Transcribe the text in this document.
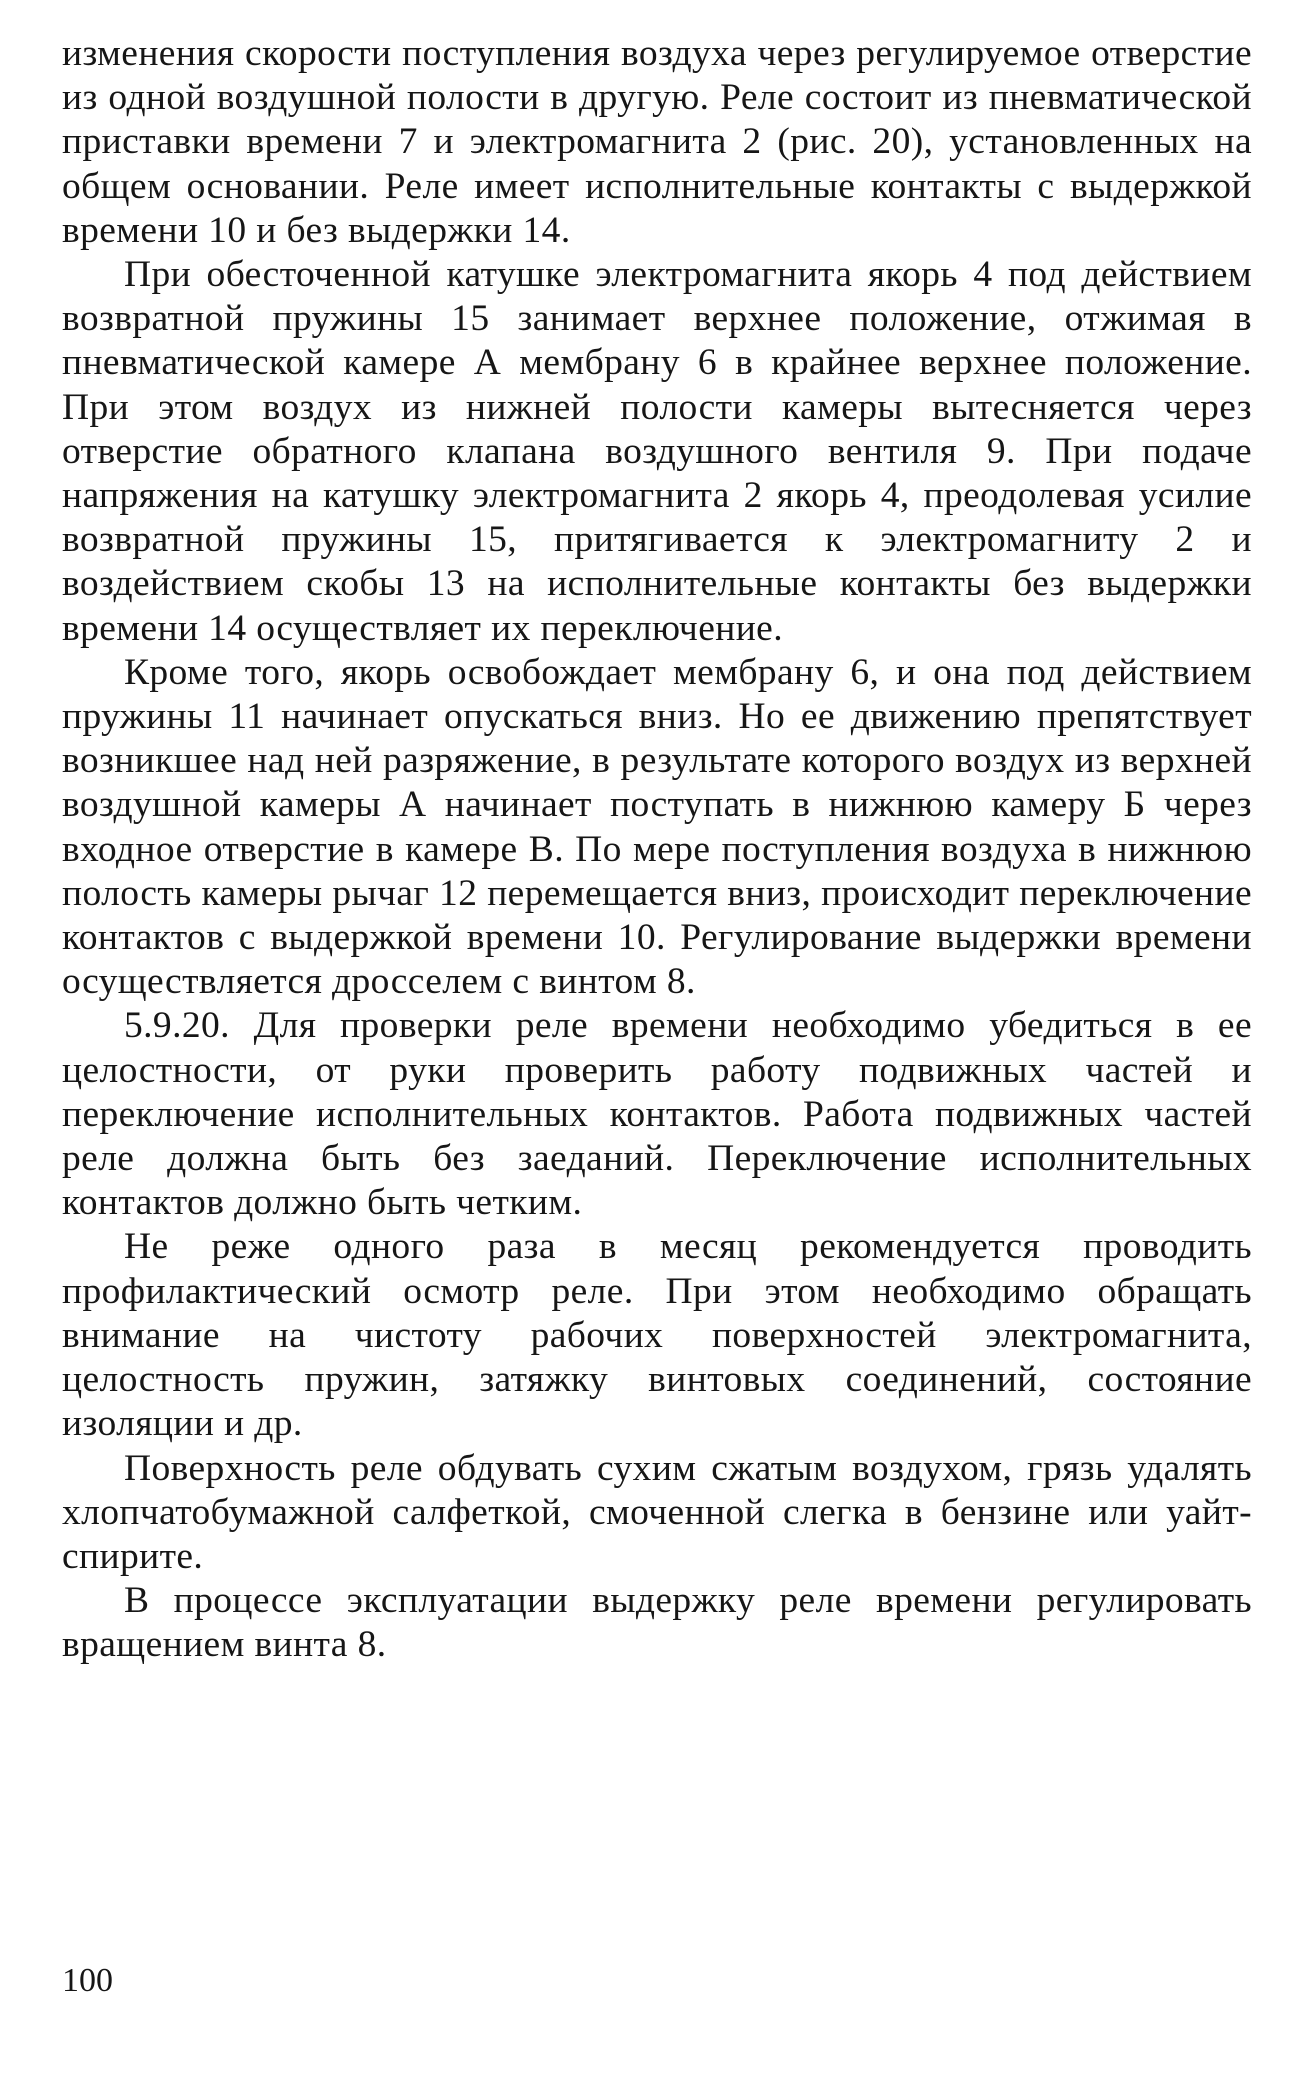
изменения скорости поступления воздуха через регулируемое отверстие из одной воздушной полости в другую. Реле состоит из пневматической приставки времени 7 и электромагнита 2 (рис. 20), установленных на общем основании. Реле имеет исполнительные контакты с выдержкой времени 10 и без выдержки 14.

При обесточенной катушке электромагнита якорь 4 под действием возвратной пружины 15 занимает верхнее положение, отжимая в пневматической камере А мембрану 6 в крайнее верхнее положение. При этом воздух из нижней полости камеры вытесняется через отверстие обратного клапана воздушного вентиля 9. При подаче напряжения на катушку электромагнита 2 якорь 4, преодолевая усилие возвратной пружины 15, притягивается к электромагниту 2 и воздействием скобы 13 на исполнительные контакты без выдержки времени 14 осуществляет их переключение.

Кроме того, якорь освобождает мембрану 6, и она под действием пружины 11 начинает опускаться вниз. Но ее движению препятствует возникшее над ней разряжение, в результате которого воздух из верхней воздушной камеры А начинает поступать в нижнюю камеру Б через входное отверстие в камере В. По мере поступления воздуха в нижнюю полость камеры рычаг 12 перемещается вниз, происходит переключение контактов с выдержкой времени 10. Регулирование выдержки времени осуществляется дросселем с винтом 8.

5.9.20. Для проверки реле времени необходимо убедиться в ее целостности, от руки проверить работу подвижных частей и переключение исполнительных контактов. Работа подвижных частей реле должна быть без заеданий. Переключение исполнительных контактов должно быть четким.

Не реже одного раза в месяц рекомендуется проводить профилактический осмотр реле. При этом необходимо обращать внимание на чистоту рабочих поверхностей электромагнита, целостность пружин, затяжку винтовых соединений, состояние изоляции и др.

Поверхность реле обдувать сухим сжатым воздухом, грязь удалять хлопчатобумажной салфеткой, смоченной слегка в бензине или уайт-спирите.

В процессе эксплуатации выдержку реле времени регулировать вращением винта 8.

100
